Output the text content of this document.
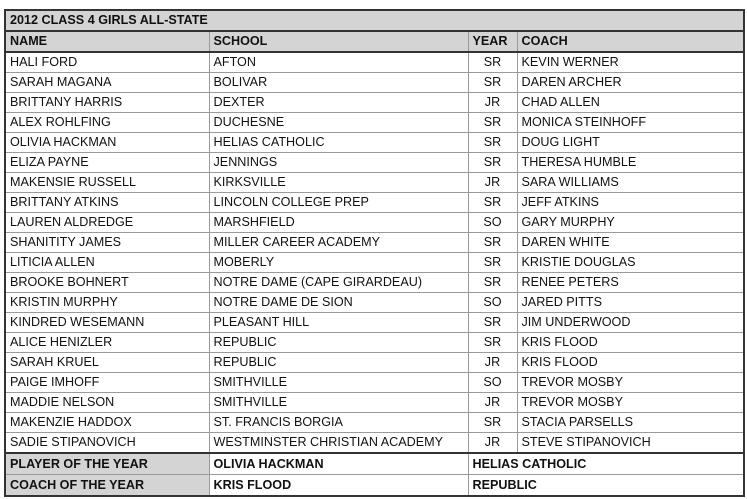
2012 CLASS 4 GIRLS ALL-STATE			
NAME	SCHOOL	YEAR	COACH
HALI FORD	AFTON	SR	KEVIN WERNER
SARAH MAGANA	BOLIVAR	SR	DAREN ARCHER
BRITTANY HARRIS	DEXTER	JR	CHAD ALLEN
ALEX ROHLFING	DUCHESNE	SR	MONICA STEINHOFF
OLIVIA HACKMAN	HELIAS CATHOLIC	SR	DOUG LIGHT
ELIZA PAYNE	JENNINGS	SR	THERESA HUMBLE
MAKENSIE RUSSELL	KIRKSVILLE	JR	SARA WILLIAMS
BRITTANY ATKINS	LINCOLN COLLEGE PREP	SR	JEFF ATKINS
LAUREN ALDREDGE	MARSHFIELD	SO	GARY MURPHY
SHANITITY JAMES	MILLER CAREER ACADEMY	SR	DAREN WHITE
LITICIA ALLEN	MOBERLY	SR	KRISTIE DOUGLAS
BROOKE BOHNERT	NOTRE DAME (CAPE GIRARDEAU)	SR	RENEE PETERS
KRISTIN MURPHY	NOTRE DAME DE SION	SO	JARED PITTS
KINDRED WESEMANN	PLEASANT HILL	SR	JIM UNDERWOOD
ALICE HENIZLER	REPUBLIC	SR	KRIS FLOOD
SARAH KRUEL	REPUBLIC	JR	KRIS FLOOD
PAIGE IMHOFF	SMITHVILLE	SO	TREVOR MOSBY
MADDIE NELSON	SMITHVILLE	JR	TREVOR MOSBY
MAKENZIE HADDOX	ST. FRANCIS BORGIA	SR	STACIA PARSELLS
SADIE STIPANOVICH	WESTMINSTER CHRISTIAN ACADEMY	JR	STEVE STIPANOVICH
PLAYER OF THE YEAR	OLIVIA HACKMAN	HELIAS CATHOLIC	
COACH OF THE YEAR	KRIS FLOOD	REPUBLIC	
